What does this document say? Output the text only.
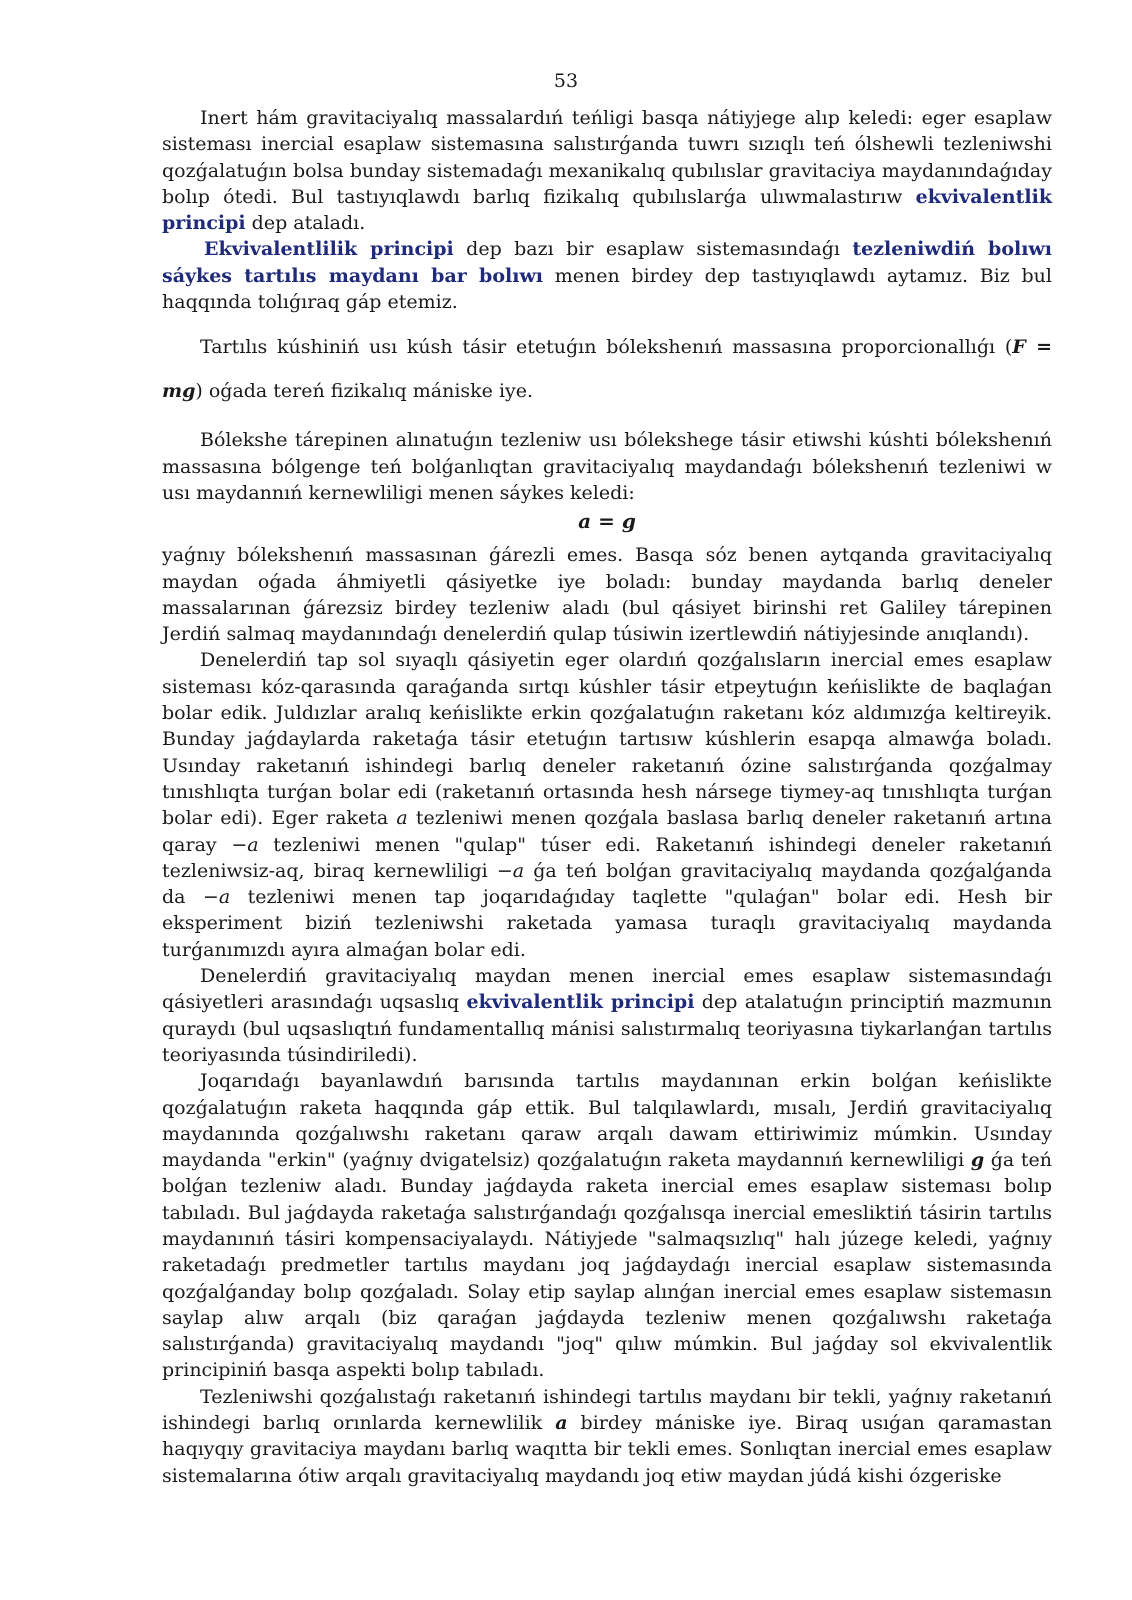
53

Inert hám gravitaciyalıq massalardıń teńligi basqa nátiyjege alıp keledi: eger esaplaw sisteması inercial esaplaw sistemasına salıstırǵanda tuwrı sızıqlı teń ólshewli tezleniwshi qozǵalatuǵın bolsa bunday sistemadaǵı mexanikalıq qubılıslar gravitaciya maydanındaǵıday bolıp ótedi. Bul tastıyıqlawdı barlıq fizikalıq qubılıslarǵa ulıwmalastırıw ekvivalentlik principi dep ataladı.

Ekvivalentlilik principi dep bazı bir esaplaw sistemasındaǵı tezleniwdiń bolıwı sáykes tartılıs maydanı bar bolıwı menen birdey dep tastıyıqlawdı aytamız. Biz bul haqqında tolıǵıraq gáp etemiz.

Tartılıs kúshiniń usı kúsh tásir etetuǵın bólekshenıń massasına proporcionallıǵı (F = mg) oǵada tereń fizikalıq mániske iye.

Bólekshe tárepinen alınatuǵın tezleniw usı bólekshege tásir etiwshi kúshti bólekshenıń massasına bólgenge teń bolǵanlıqtan gravitaciyalıq maydandaǵı bólekshenıń tezleniwi w usı maydannıń kernewliligi menen sáykes keledi:

a = g

yaǵnıy bólekshenıń massasınan ǵárezli emes. Basqa sóz benen aytqanda gravitaciyalıq maydan oǵada áhmiyetli qásiyetke iye boladı: bunday maydanda barlıq deneler massalarınan ǵárezsiz birdey tezleniw aladı (bul qásiyet birinshi ret Galiley tárepinen Jerdiń salmaq maydanındaǵı denelerdiń qulap túsiwin izertlewdiń nátiyjesinde anıqlandı).

Denelerdiń tap sol sıyaqlı qásiyetin eger olardıń qozǵalısların inercial emes esaplaw sisteması kóz-qarasında qaraǵanda sırtqı kúshler tásir etpeytuǵın keńislikte de baqlaǵan bolar edik. Juldızlar aralıq keńislikte erkin qozǵalatuǵın raketanı kóz aldımızǵa keltireyik. Bunday jaǵdaylarda raketaǵa tásir etetuǵın tartısıw kúshlerin esapqa almawǵa boladı. Usınday raketanıń ishindegi barlıq deneler raketanıń ózine salıstırǵanda qozǵalmay tınıshlıqta turǵan bolar edi (raketanıń ortasında hesh nársege tiymey-aq tınıshlıqta turǵan bolar edi). Eger raketa a tezleniwi menen qozǵala baslasa barlıq deneler raketanıń artına qaray −a tezleniwi menen "qulap" túser edi. Raketanıń ishindegi deneler raketanıń tezleniwsiz-aq, biraq kernewliligi −a ǵa teń bolǵan gravitaciyalıq maydanda qozǵalǵanda da −a tezleniwi menen tap joqarıdaǵıday taqlette "qulaǵan" bolar edi. Hesh bir eksperiment biziń tezleniwshi raketada yamasa turaqlı gravitaciyalıq maydanda turǵanımızdı ayıra almaǵan bolar edi.

Denelerdiń gravitaciyalıq maydan menen inercial emes esaplaw sistemasındaǵı qásiyetleri arasındaǵı uqsaslıq ekvivalentlik principi dep atalatuǵın principtiń mazmunın quraydı (bul uqsaslıqtıń fundamentallıq mánisi salıstırmalıq teoriyasına tiykarlanǵan tartılıs teoriyasında túsindiriledi).

Joqarıdaǵı bayanlawdıń barısında tartılıs maydanınan erkin bolǵan keńislikte qozǵalatuǵın raketa haqqında gáp ettik. Bul talqılawlardı, mısalı, Jerdiń gravitaciyalıq maydanında qozǵalıwshı raketanı qaraw arqalı dawam ettiriwimiz múmkin. Usınday maydanda "erkin" (yaǵnıy dvigatelsiz) qozǵalatuǵın raketa maydannıń kernewliligi g ǵa teń bolǵan tezleniw aladı. Bunday jaǵdayda raketa inercial emes esaplaw sisteması bolıp tabıladı. Bul jaǵdayda raketaǵa salıstırǵandaǵı qozǵalısqa inercial emesliktiń tásirin tartılıs maydanınıń tásiri kompensaciyalaydı. Nátiyjede "salmaqsızlıq" halı júzege keledi, yaǵnıy raketadaǵı predmetler tartılıs maydanı joq jaǵdaydaǵı inercial esaplaw sistemasında qozǵalǵanday bolıp qozǵaladı. Solay etip saylap alınǵan inercial emes esaplaw sistemasın saylap alıw arqalı (biz qaraǵan jaǵdayda tezleniw menen qozǵalıwshı raketaǵa salıstırǵanda) gravitaciyalıq maydandı "joq" qılıw múmkin. Bul jaǵday sol ekvivalentlik principiniń basqa aspekti bolıp tabıladı.

Tezleniwshi qozǵalıstaǵı raketanıń ishindegi tartılıs maydanı bir tekli, yaǵnıy raketanıń ishindegi barlıq orınlarda kernewlilik a birdey mániske iye. Biraq usıǵan qaramastan haqıyqıy gravitaciya maydanı barlıq waqıtta bir tekli emes. Sonlıqtan inercial emes esaplaw sistemalarına ótiw arqalı gravitaciyalıq maydandı joq etiw maydan júdá kishi ózgeriske
